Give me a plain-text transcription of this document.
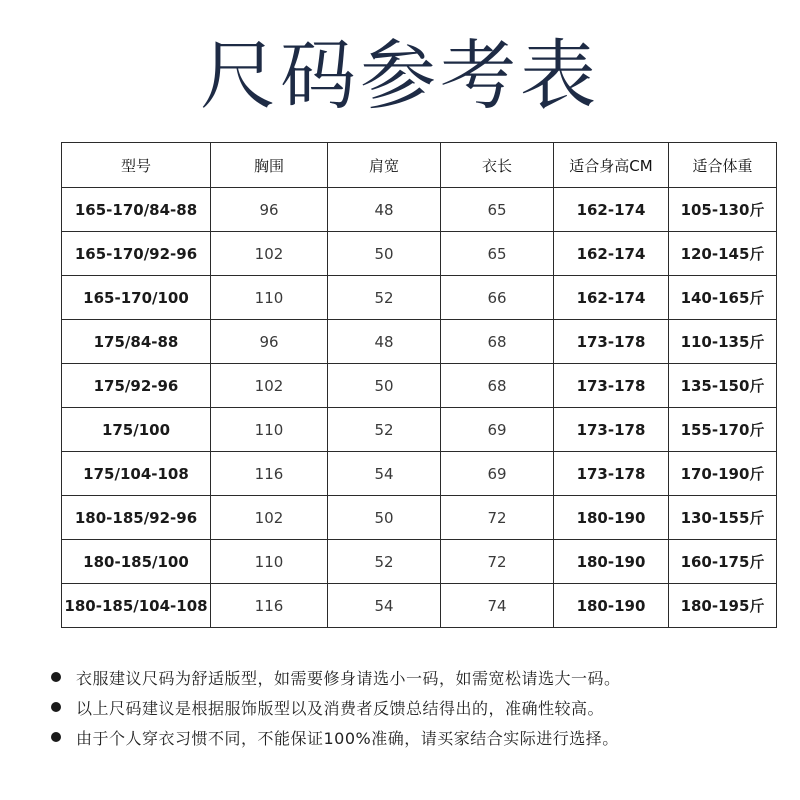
尺码参考表
型号	胸围	肩宽	衣长	适合身高CM	适合体重
165-170/84-88	96	48	65	162-174	105-130斤
165-170/92-96	102	50	65	162-174	120-145斤
165-170/100	110	52	66	162-174	140-165斤
175/84-88	96	48	68	173-178	110-135斤
175/92-96	102	50	68	173-178	135-150斤
175/100	110	52	69	173-178	155-170斤
175/104-108	116	54	69	173-178	170-190斤
180-185/92-96	102	50	72	180-190	130-155斤
180-185/100	110	52	72	180-190	160-175斤
180-185/104-108	116	54	74	180-190	180-195斤
衣服建议尺码为舒适版型，如需要修身请选小一码，如需宽松请选大一码。
以上尺码建议是根据服饰版型以及消费者反馈总结得出的，准确性较高。
由于个人穿衣习惯不同，不能保证100%准确，请买家结合实际进行选择。
